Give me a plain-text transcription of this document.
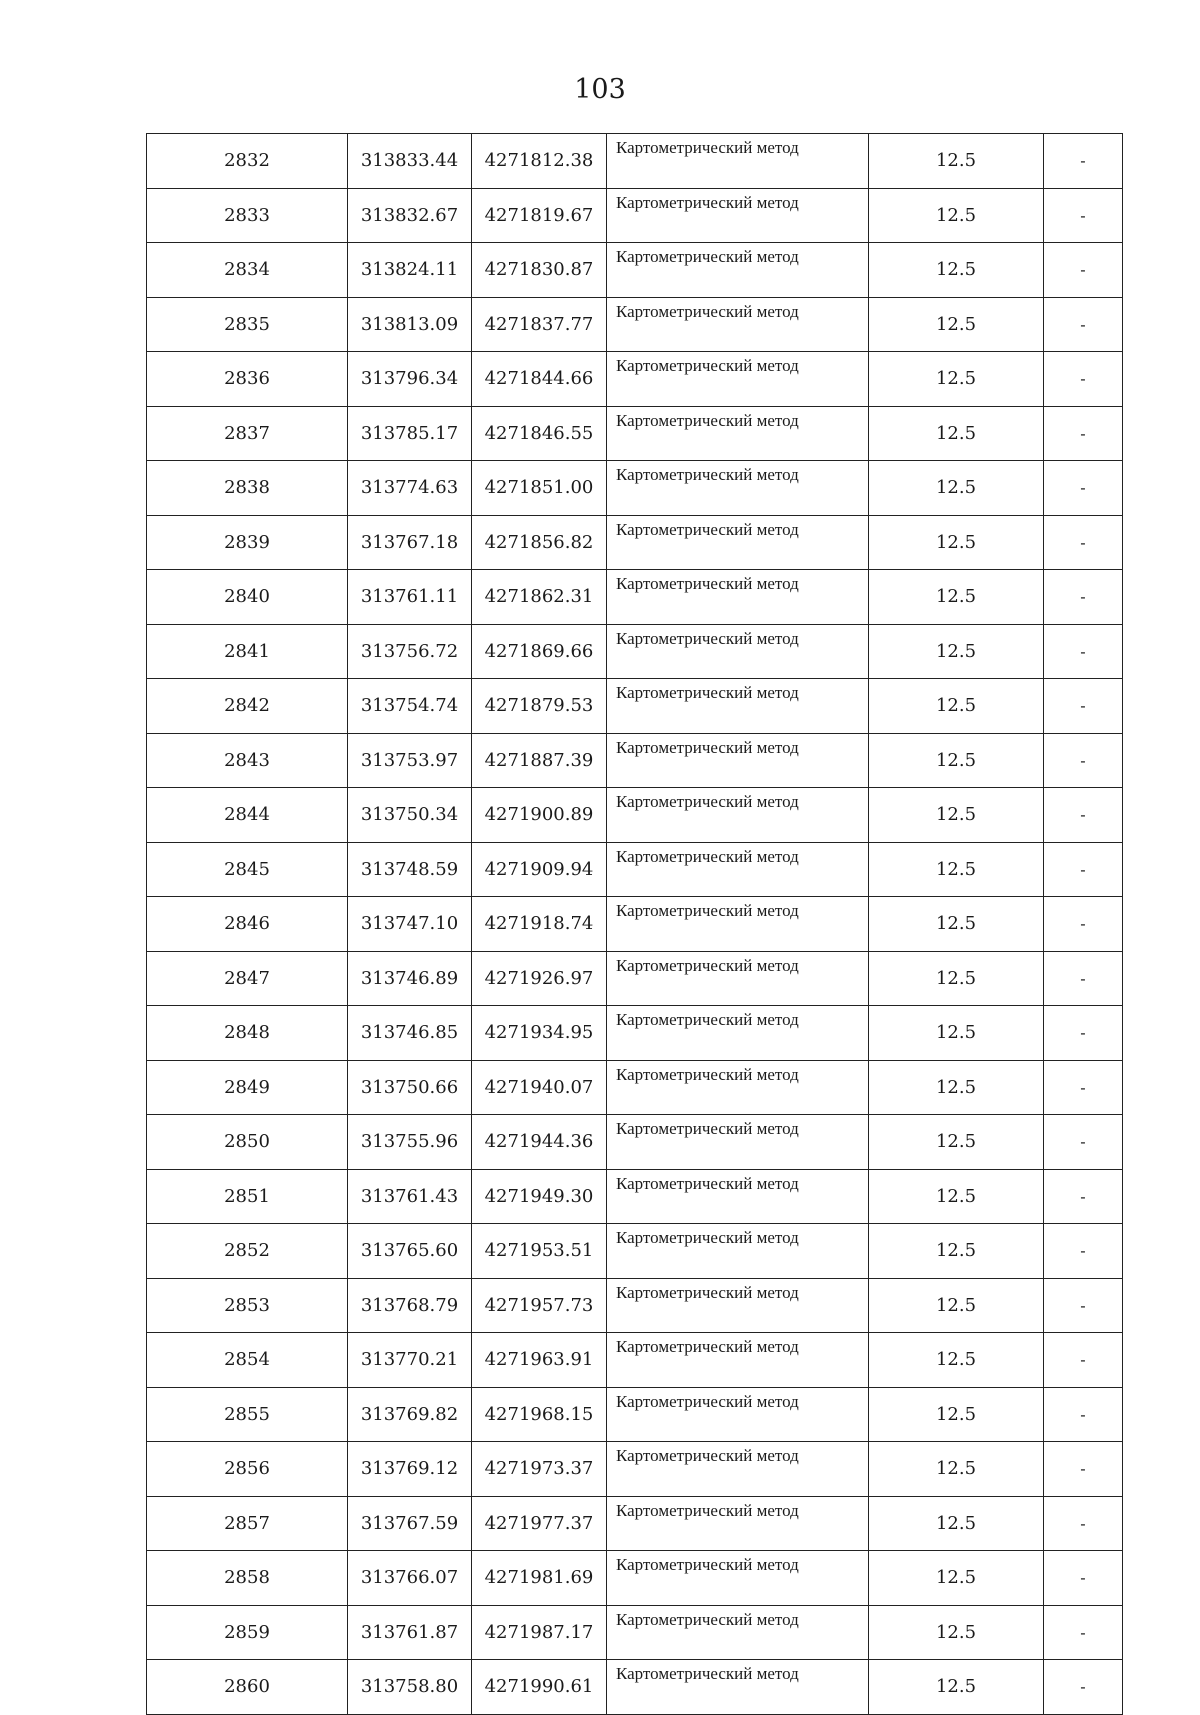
103
2832	313833.44	4271812.38	Картометрический метод	12.5	-
2833	313832.67	4271819.67	Картометрический метод	12.5	-
2834	313824.11	4271830.87	Картометрический метод	12.5	-
2835	313813.09	4271837.77	Картометрический метод	12.5	-
2836	313796.34	4271844.66	Картометрический метод	12.5	-
2837	313785.17	4271846.55	Картометрический метод	12.5	-
2838	313774.63	4271851.00	Картометрический метод	12.5	-
2839	313767.18	4271856.82	Картометрический метод	12.5	-
2840	313761.11	4271862.31	Картометрический метод	12.5	-
2841	313756.72	4271869.66	Картометрический метод	12.5	-
2842	313754.74	4271879.53	Картометрический метод	12.5	-
2843	313753.97	4271887.39	Картометрический метод	12.5	-
2844	313750.34	4271900.89	Картометрический метод	12.5	-
2845	313748.59	4271909.94	Картометрический метод	12.5	-
2846	313747.10	4271918.74	Картометрический метод	12.5	-
2847	313746.89	4271926.97	Картометрический метод	12.5	-
2848	313746.85	4271934.95	Картометрический метод	12.5	-
2849	313750.66	4271940.07	Картометрический метод	12.5	-
2850	313755.96	4271944.36	Картометрический метод	12.5	-
2851	313761.43	4271949.30	Картометрический метод	12.5	-
2852	313765.60	4271953.51	Картометрический метод	12.5	-
2853	313768.79	4271957.73	Картометрический метод	12.5	-
2854	313770.21	4271963.91	Картометрический метод	12.5	-
2855	313769.82	4271968.15	Картометрический метод	12.5	-
2856	313769.12	4271973.37	Картометрический метод	12.5	-
2857	313767.59	4271977.37	Картометрический метод	12.5	-
2858	313766.07	4271981.69	Картометрический метод	12.5	-
2859	313761.87	4271987.17	Картометрический метод	12.5	-
2860	313758.80	4271990.61	Картометрический метод	12.5	-
